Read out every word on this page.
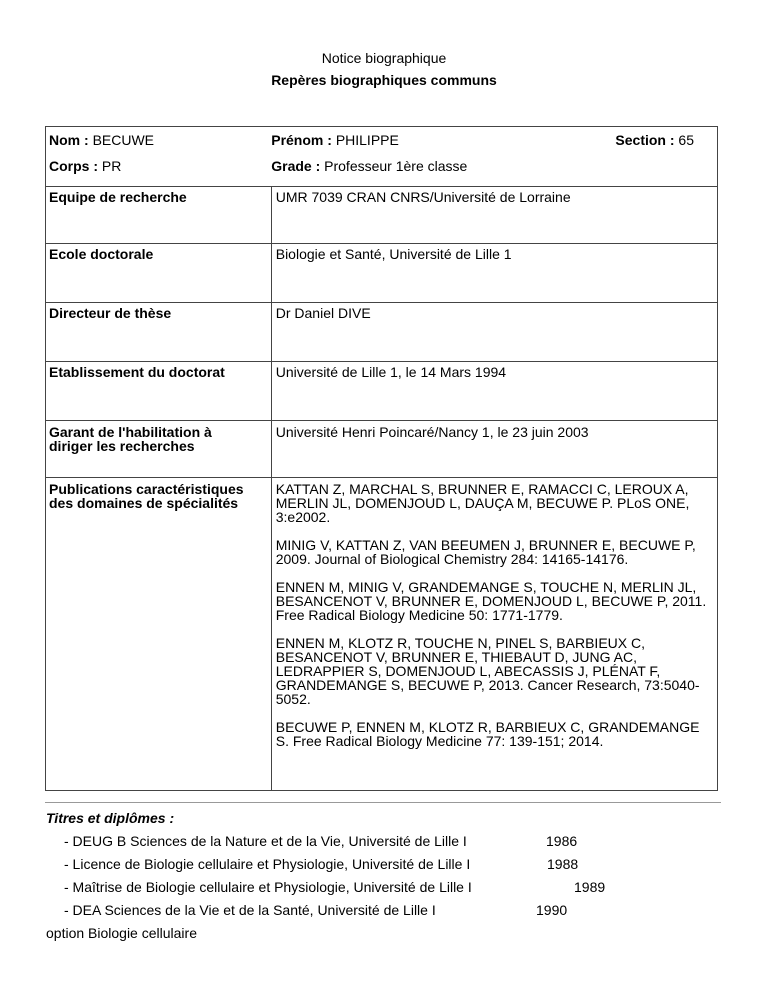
Notice biographique
Repères biographiques communs
Nom : BECUWE	Prénom : PHILIPPE Section : 65

Corps : PR	Grade : Professeur 1ère classe
Equipe de recherche	UMR 7039 CRAN CNRS/Université de Lorraine
Ecole doctorale	Biologie et Santé, Université de Lille 1
Directeur de thèse	Dr Daniel DIVE
Etablissement du doctorat	Université de Lille 1, le 14 Mars 1994
Garant de l'habilitation à diriger les recherches	Université Henri Poincaré/Nancy 1, le 23 juin 2003
Publications caractéristiques des domaines de spécialités	KATTAN Z, MARCHAL S, BRUNNER E, RAMACCI C, LEROUX A, MERLIN JL, DOMENJOUD L, DAUÇA M, BECUWE P. PLoS ONE, 3:e2002.

MINIG V, KATTAN Z, VAN BEEUMEN J, BRUNNER E, BECUWE P, 2009. Journal of Biological Chemistry 284: 14165-14176.

ENNEN M, MINIG V, GRANDEMANGE S, TOUCHE N, MERLIN JL, BESANCENOT V, BRUNNER E, DOMENJOUD L, BECUWE P, 2011. Free Radical Biology Medicine 50: 1771-1779.

ENNEN M, KLOTZ R, TOUCHE N, PINEL S, BARBIEUX C, BESANCENOT V, BRUNNER E, THIEBAUT D, JUNG AC, LEDRAPPIER S, DOMENJOUD L, ABECASSIS J, PLÉNAT F, GRANDEMANGE S, BECUWE P, 2013. Cancer Research, 73:5040-5052.

BECUWE P, ENNEN M, KLOTZ R, BARBIEUX C, GRANDEMANGE S. Free Radical Biology Medicine 77: 139-151; 2014.

Titres et diplômes :
- DEUG B Sciences de la Nature et de la Vie, Université de Lille I	1986
- Licence de Biologie cellulaire et Physiologie, Université de Lille I	1988
- Maîtrise de Biologie cellulaire et Physiologie, Université de Lille I	1989
- DEA Sciences de la Vie et de la Santé, Université de Lille I	1990
option Biologie cellulaire
